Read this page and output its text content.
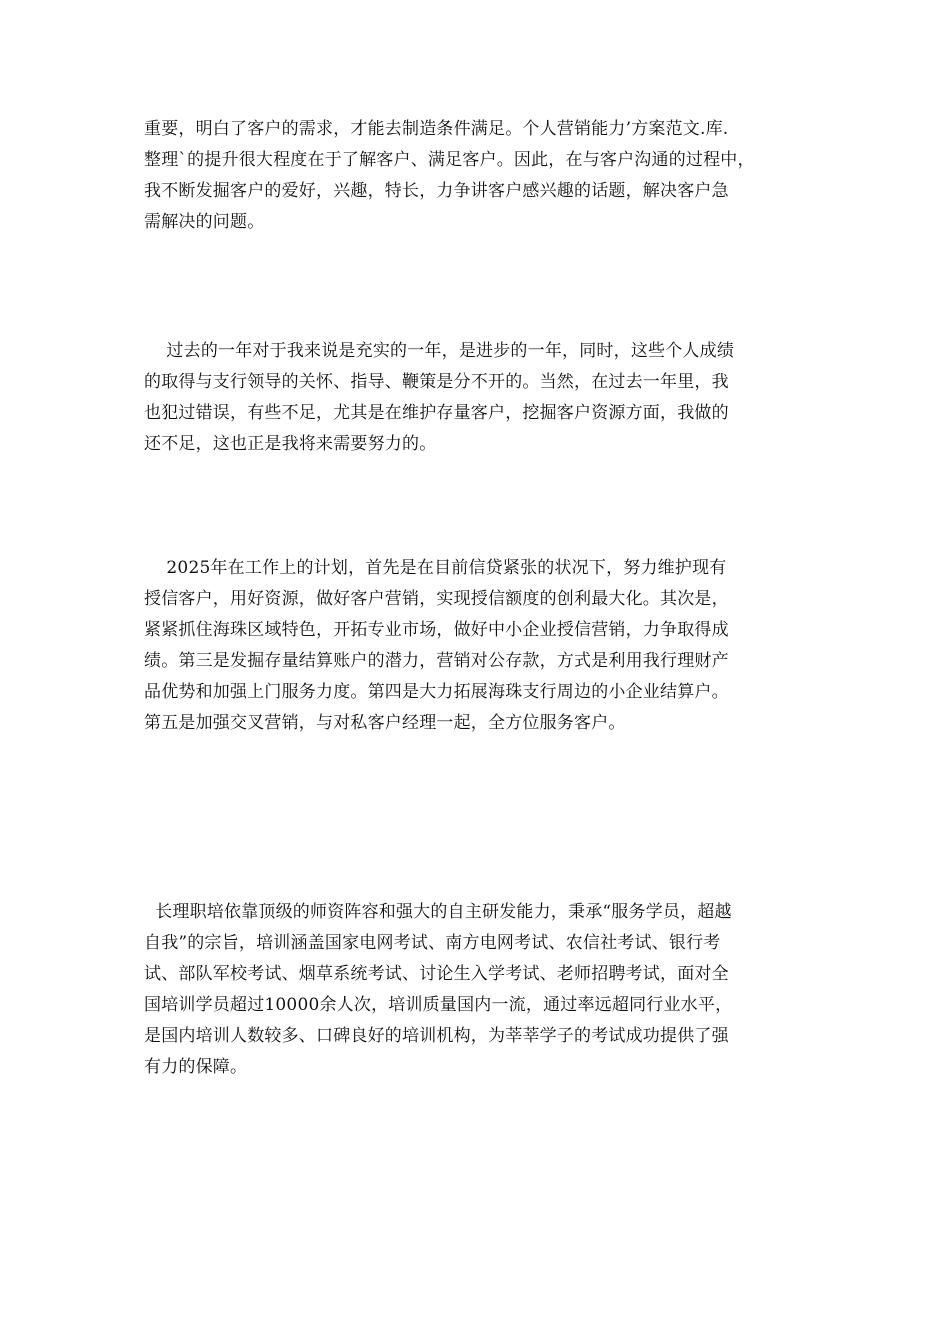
重要，明白了客户的需求，才能去制造条件满足。个人营销能力’方案范文.库.
整理`的提升很大程度在于了解客户、满足客户。因此，在与客户沟通的过程中，
我不断发掘客户的爱好，兴趣，特长，力争讲客户感兴趣的话题，解决客户急
需解决的问题。
过去的一年对于我来说是充实的一年，是进步的一年，同时，这些个人成绩
的取得与支行领导的关怀、指导、鞭策是分不开的。当然，在过去一年里，我
也犯过错误，有些不足，尤其是在维护存量客户，挖掘客户资源方面，我做的
还不足，这也正是我将来需要努力的。
2025年在工作上的计划，首先是在目前信贷紧张的状况下，努力维护现有
授信客户，用好资源，做好客户营销，实现授信额度的创利最大化。其次是，
紧紧抓住海珠区域特色，开拓专业市场，做好中小企业授信营销，力争取得成
绩。第三是发掘存量结算账户的潜力，营销对公存款，方式是利用我行理财产
品优势和加强上门服务力度。第四是大力拓展海珠支行周边的小企业结算户。
第五是加强交叉营销，与对私客户经理一起，全方位服务客户。
长理职培依靠顶级的师资阵容和强大的自主研发能力，秉承“服务学员，超越
自我”的宗旨，培训涵盖国家电网考试、南方电网考试、农信社考试、银行考
试、部队军校考试、烟草系统考试、讨论生入学考试、老师招聘考试，面对全
国培训学员超过10000余人次，培训质量国内一流，通过率远超同行业水平，
是国内培训人数较多、口碑良好的培训机构，为莘莘学子的考试成功提供了强
有力的保障。
